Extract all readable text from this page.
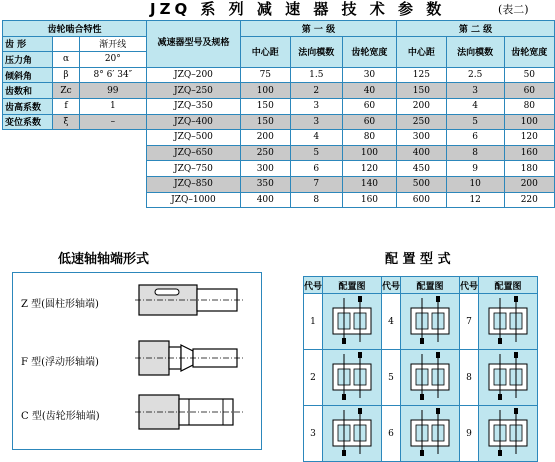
JZQ 系 列 减 速 器 技 术 参 数	(表二)
齿轮啮合特性			减速器型号及规格	第 一 级			第 二 级		
齿 形		渐开线		中心距	法向模数	齿轮宽度	中心距	法向模数	齿轮宽度
压力角	α	20°							
倾斜角	β	8° 6′ 34″	JZQ–200	75	1.5	30	125	2.5	50
齿数和	Zc	99	JZQ–250	100	2	40	150	3	60
齿高系数	f	1	JZQ–350	150	3	60	200	4	80
变位系数	ξ	–	JZQ–400	150	3	60	250	5	100
			JZQ–500	200	4	80	300	6	120
			JZQ–650	250	5	100	400	8	160
			JZQ–750	300	6	120	450	9	180
			JZQ–850	350	7	140	500	10	200
			JZQ–1000	400	8	160	600	12	220
低速轴轴端形式
Z 型(圆柱形轴端)
F 型(浮动形轴端)
C 型(齿轮形轴端)
配 置 型 式
代号	配置图	代号	配置图	代号	配置图
1		4		7	
2		5		8	
3		6		9	
